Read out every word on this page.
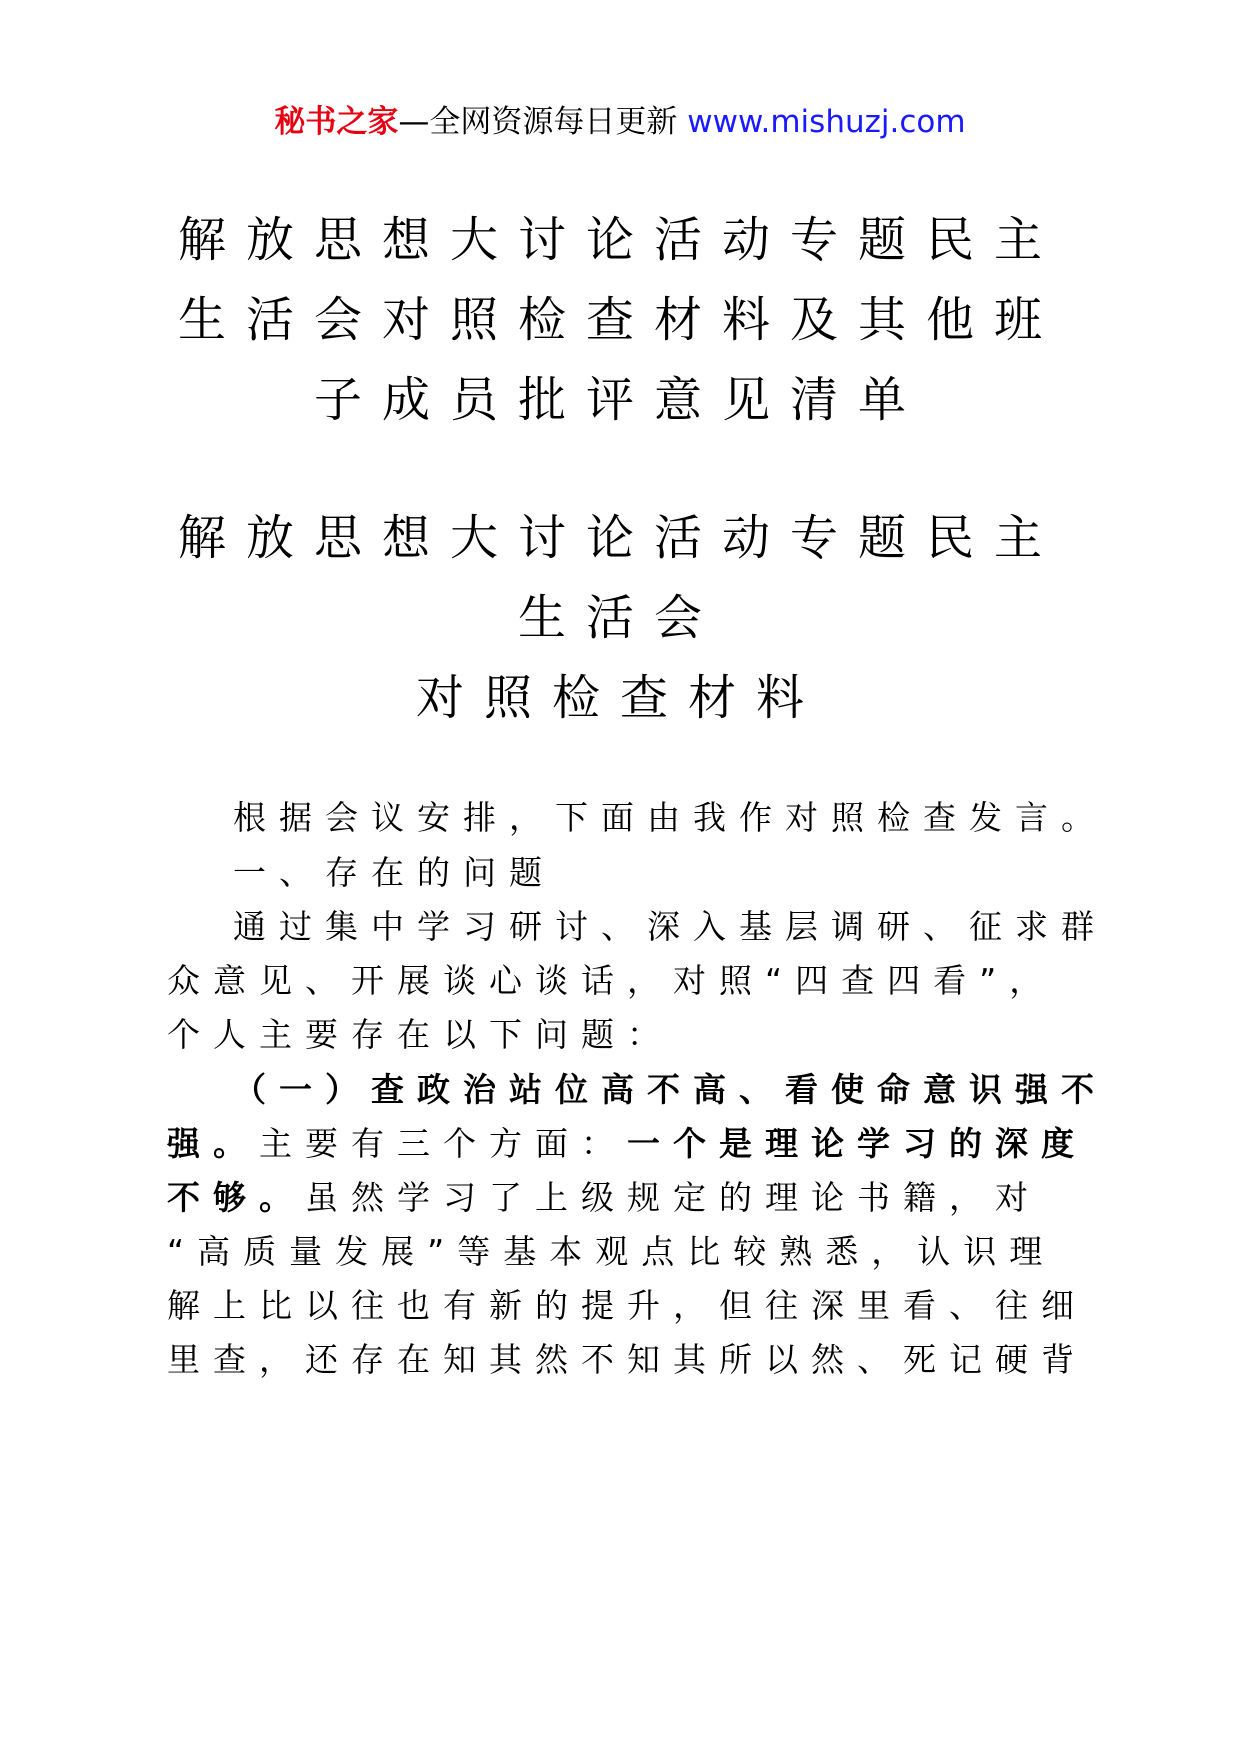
秘书之家—全网资源每日更新 www.mishuzj.com
解放思想大讨论活动专题民主
生活会对照检查材料及其他班
子成员批评意见清单
解放思想大讨论活动专题民主
生活会
对照检查材料
根据会议安排，下面由我作对照检查发言。
一、存在的问题
通过集中学习研讨、深入基层调研、征求群
众意见、开展谈心谈话，对照“四查四看”，
个人主要存在以下问题：
（一）查政治站位高不高、看使命意识强不
强。主要有三个方面：一个是理论学习的深度
不够。虽然学习了上级规定的理论书籍，对
“高质量发展”等基本观点比较熟悉，认识理
解上比以往也有新的提升，但往深里看、往细
里查，还存在知其然不知其所以然、死记硬背
